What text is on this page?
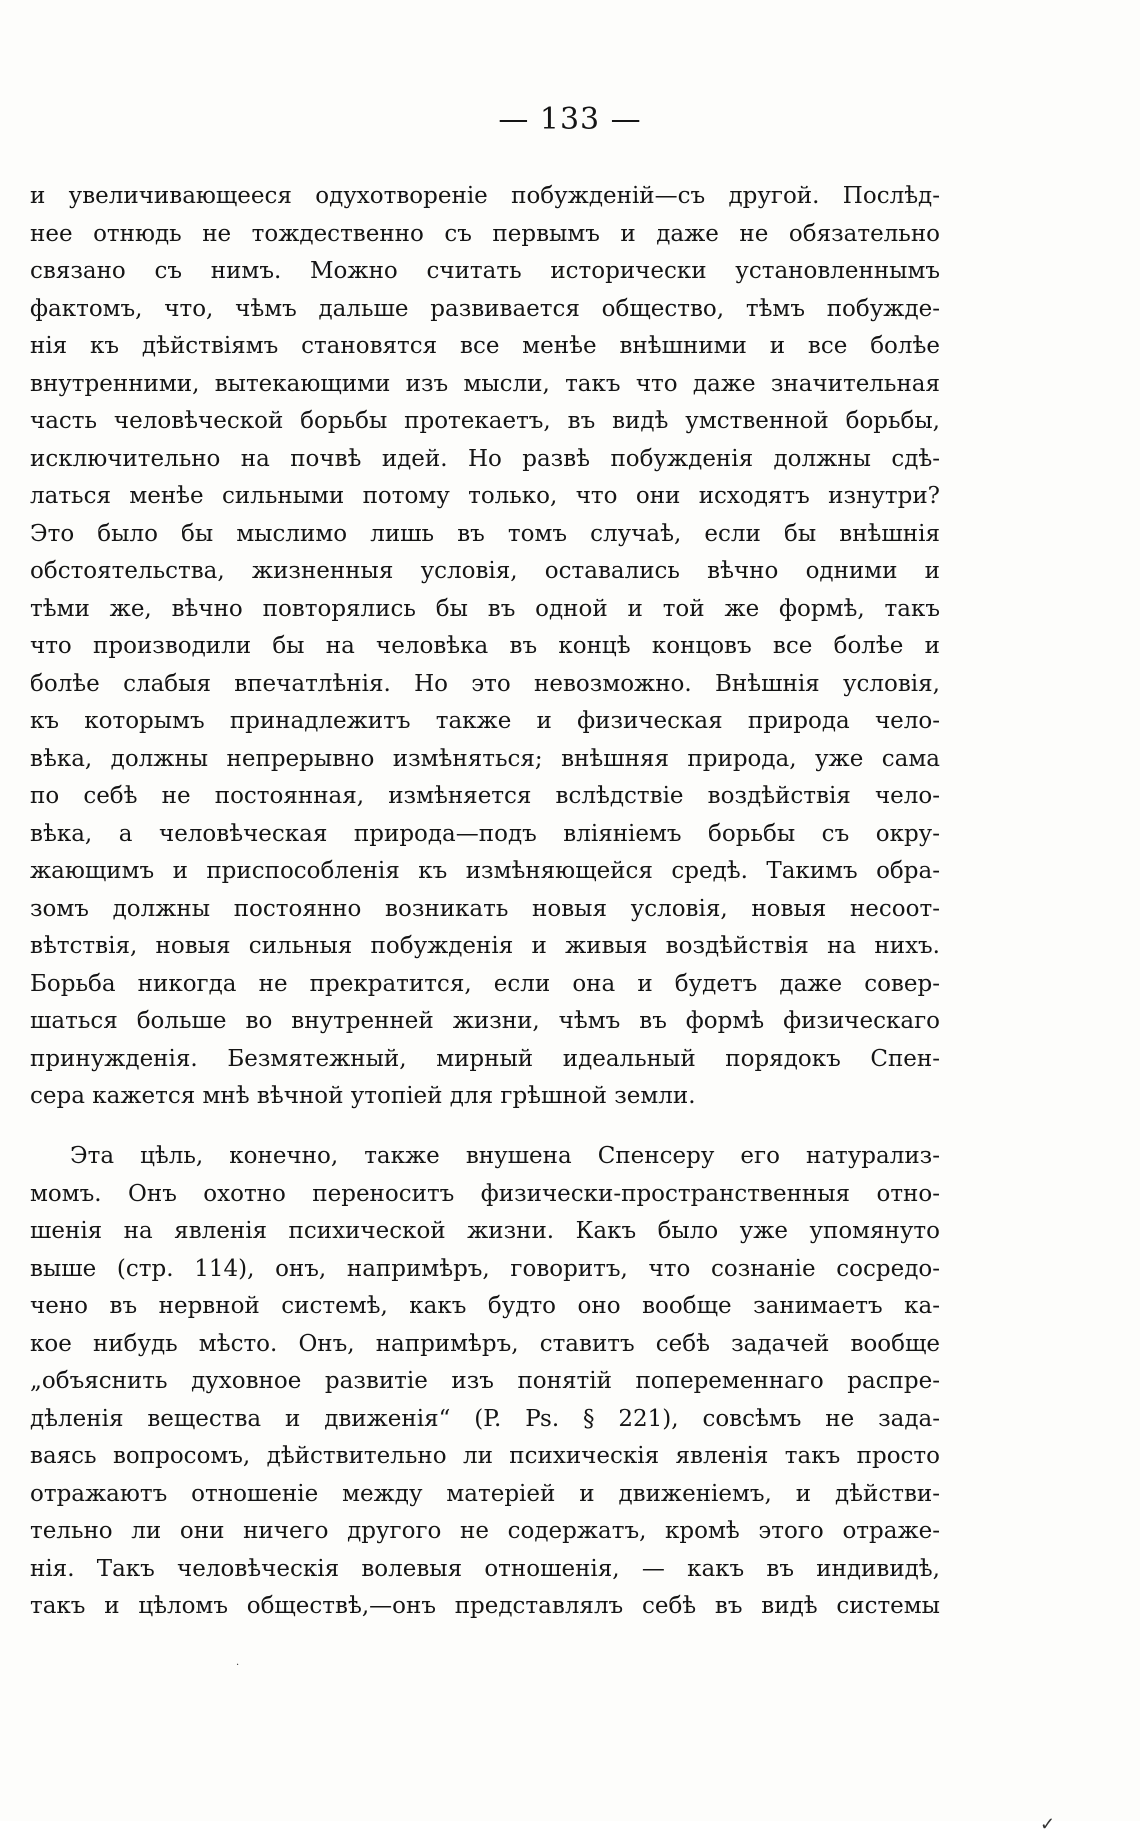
— 133 —
и увеличивающееся одухотвореніе побужденій—съ другой. Послѣд-
нее отнюдь не тождественно съ первымъ и даже не обязательно
связано съ нимъ. Можно считать исторически установленнымъ
фактомъ, что, чѣмъ дальше развивается общество, тѣмъ побужде-
нія къ дѣйствіямъ становятся все менѣе внѣшними и все болѣе
внутренними, вытекающими изъ мысли, такъ что даже значительная
часть человѣческой борьбы протекаетъ, въ видѣ умственной борьбы,
исключительно на почвѣ идей. Но развѣ побужденія должны сдѣ-
латься менѣе сильными потому только, что они исходятъ изнутри?
Это было бы мыслимо лишь въ томъ случаѣ, если бы внѣшнія
обстоятельства, жизненныя условія, оставались вѣчно одними и
тѣми же, вѣчно повторялись бы въ одной и той же формѣ, такъ
что производили бы на человѣка въ концѣ концовъ все болѣе и
болѣе слабыя впечатлѣнія. Но это невозможно. Внѣшнія условія,
къ которымъ принадлежитъ также и физическая природа чело-
вѣка, должны непрерывно измѣняться; внѣшняя природа, уже сама
по себѣ не постоянная, измѣняется вслѣдствіе воздѣйствія чело-
вѣка, а человѣческая природа—подъ вліяніемъ борьбы съ окру-
жающимъ и приспособленія къ измѣняющейся средѣ. Такимъ обра-
зомъ должны постоянно возникать новыя условія, новыя несоот-
вѣтствія, новыя сильныя побужденія и живыя воздѣйствія на нихъ.
Борьба никогда не прекратится, если она и будетъ даже совер-
шаться больше во внутренней жизни, чѣмъ въ формѣ физическаго
принужденія. Безмятежный, мирный идеальный порядокъ Спен-
сера кажется мнѣ вѣчной утопіей для грѣшной земли.
Эта цѣль, конечно, также внушена Спенсеру его натурализ-
момъ. Онъ охотно переноситъ физически-пространственныя отно-
шенія на явленія психической жизни. Какъ было уже упомянуто
выше (стр. 114), онъ, напримѣръ, говоритъ, что сознаніе сосредо-
чено въ нервной системѣ, какъ будто оно вообще занимаетъ ка-
кое нибудь мѣсто. Онъ, напримѣръ, ставитъ себѣ задачей вообще
„объяснить духовное развитіе изъ понятій попеременнаго распре-
дѣленія вещества и движенія“ (P. Ps. § 221), совсѣмъ не зада-
ваясь вопросомъ, дѣйствительно ли психическія явленія такъ просто
отражаютъ отношеніе между матеріей и движеніемъ, и дѣйстви-
тельно ли они ничего другого не содержатъ, кромѣ этого отраже-
нія. Такъ человѣческія волевыя отношенія, — какъ въ индивидѣ,
такъ и цѣломъ обществѣ,—онъ представлялъ себѣ въ видѣ системы
.
✓
